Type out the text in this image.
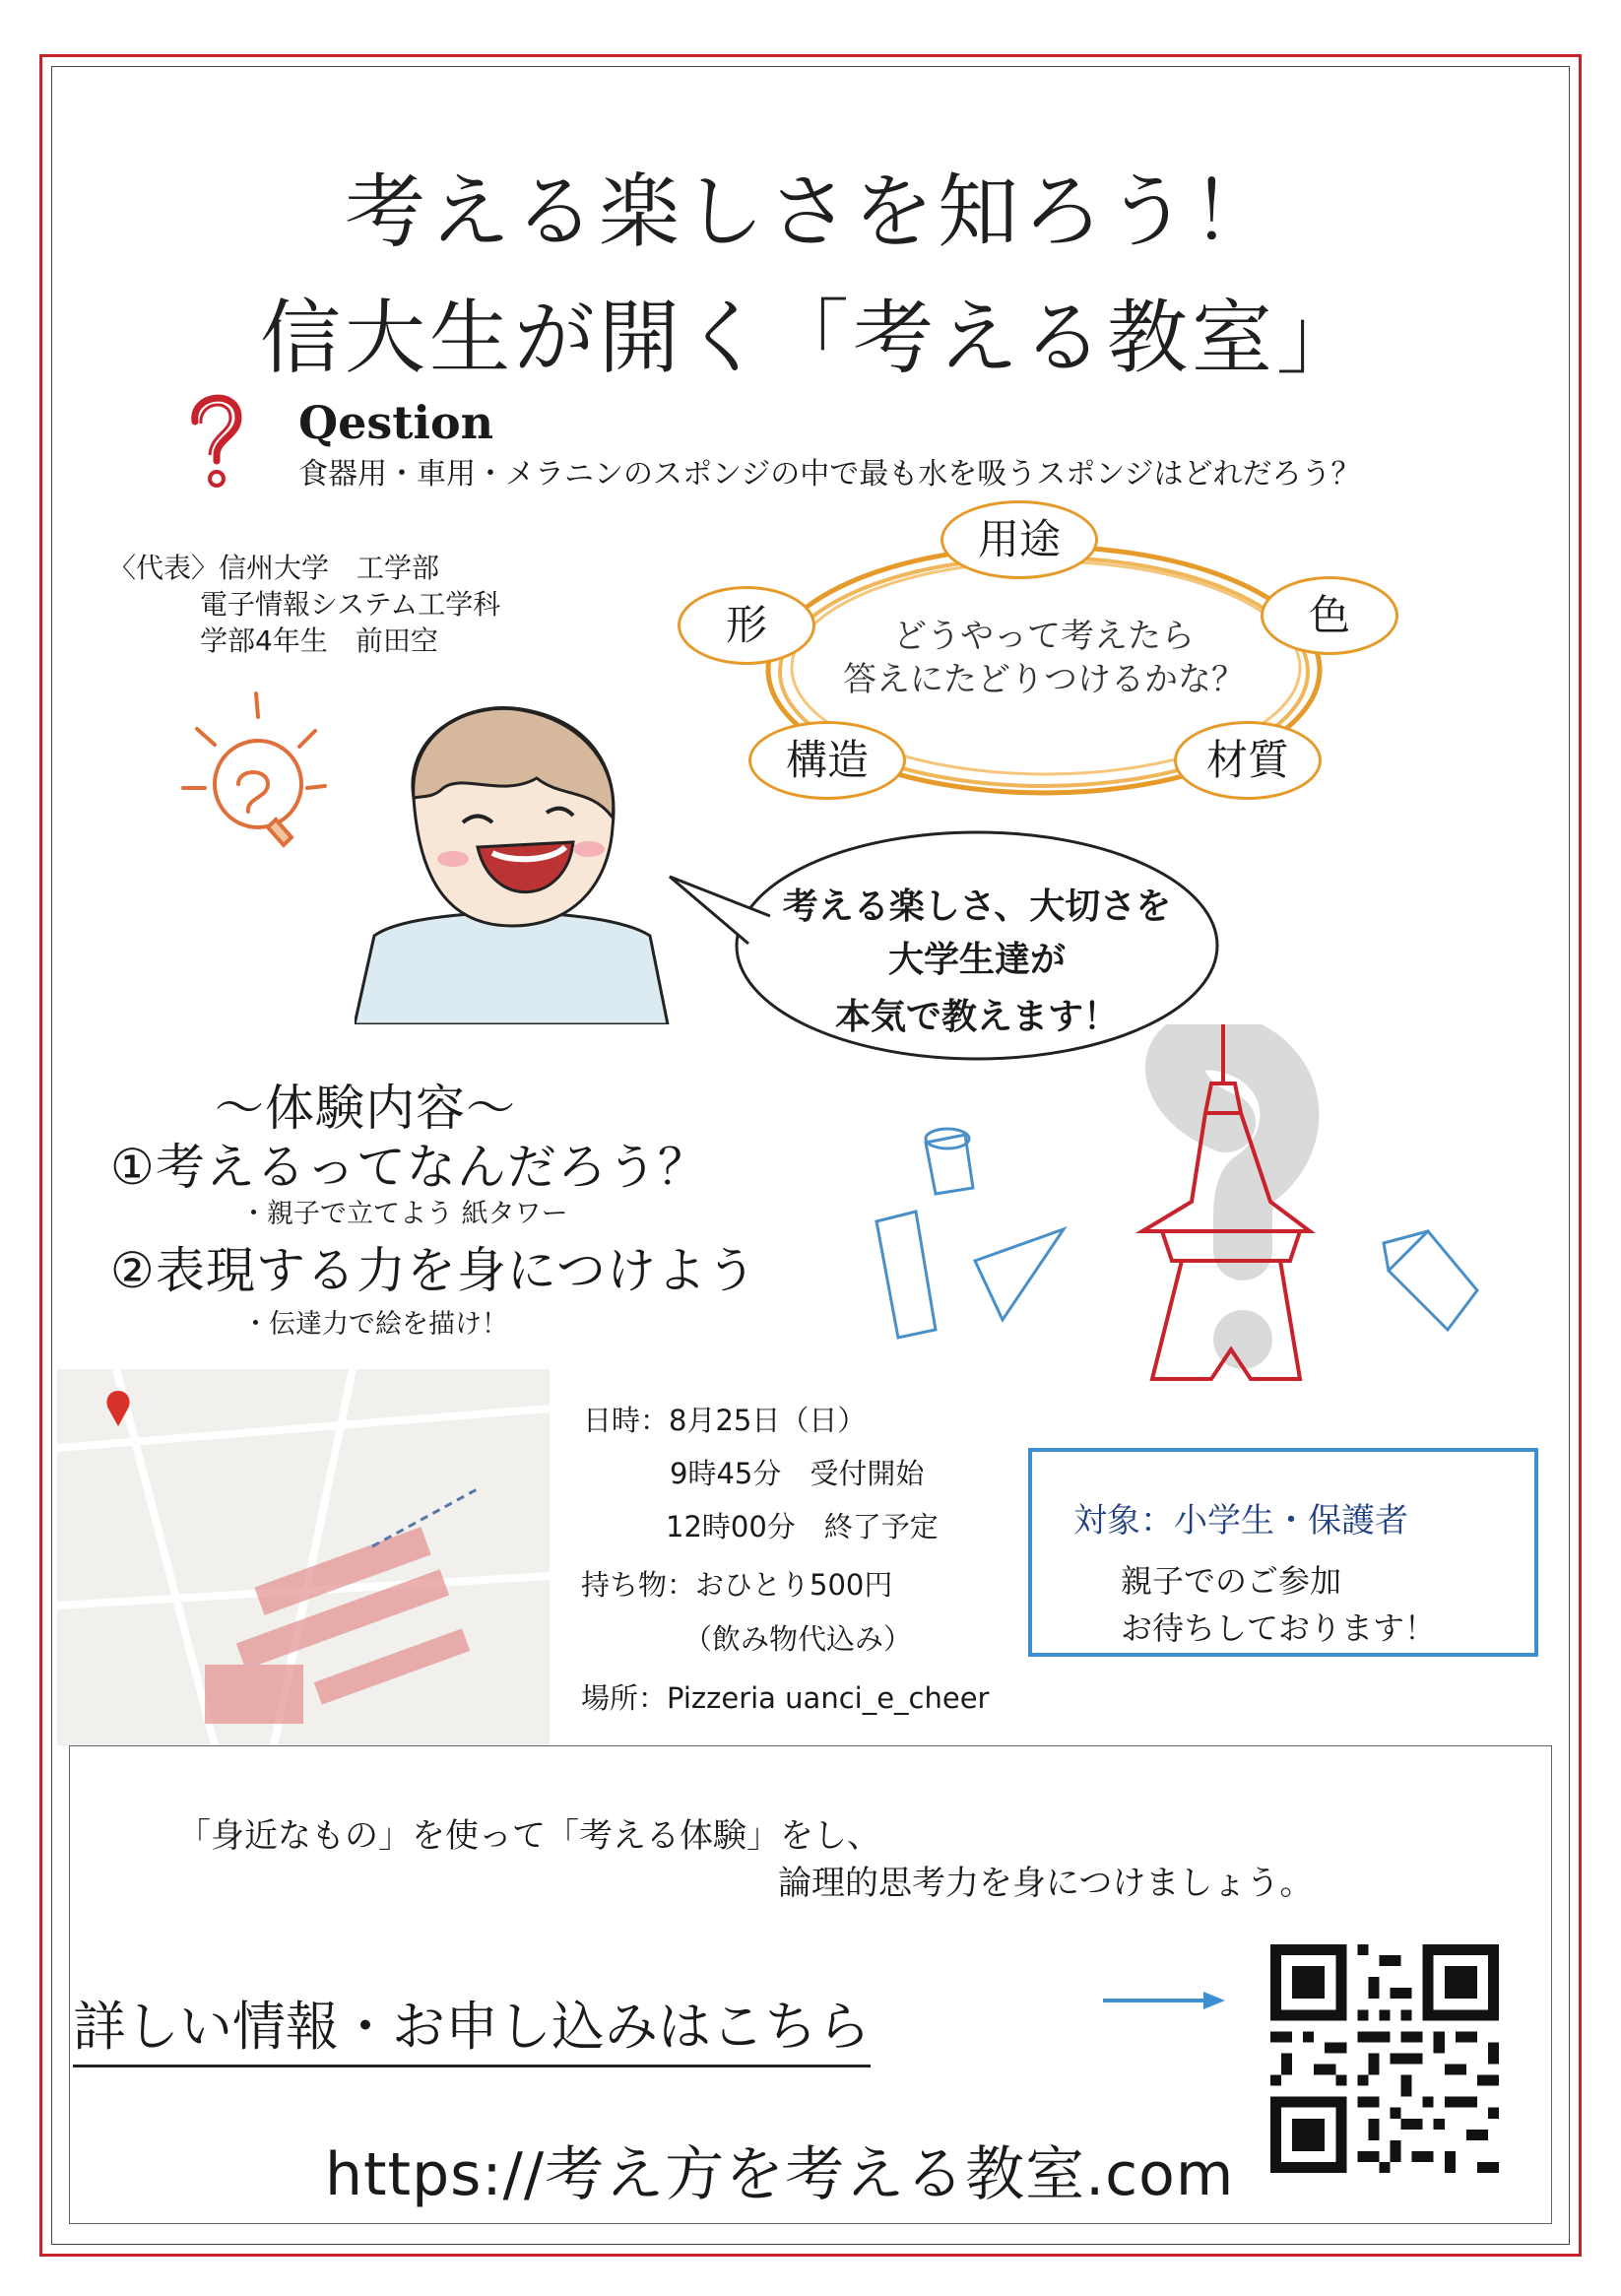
考える楽しさを知ろう！
信大生が開く「考える教室」
Qestion
食器用・車用・メラニンのスポンジの中で最も水を吸うスポンジはどれだろう？
〈代表〉信州大学　工学部
電子情報システム工学科
学部4年生　前田空	どうやって考えたら
答えにたどりつけるかな？
用途
形	色
構造	材質
考える楽しさ、大切さを
大学生達が
本気で教えます！
～体験内容～
①考えるってなんだろう？
・親子で立てよう 紙タワー
②表現する力を身につけよう
・伝達力で絵を描け！
日時：8月25日（日）
9時45分　受付開始
12時00分　終了予定
持ち物：おひとり500円
（飲み物代込み）
場所：Pizzeria uanci_e_cheer
対象：小学生・保護者
親子でのご参加
お待ちしております！
「身近なもの」を使って「考える体験」をし、
論理的思考力を身につけましょう。
詳しい情報・お申し込みはこちら
https://考え方を考える教室.com
